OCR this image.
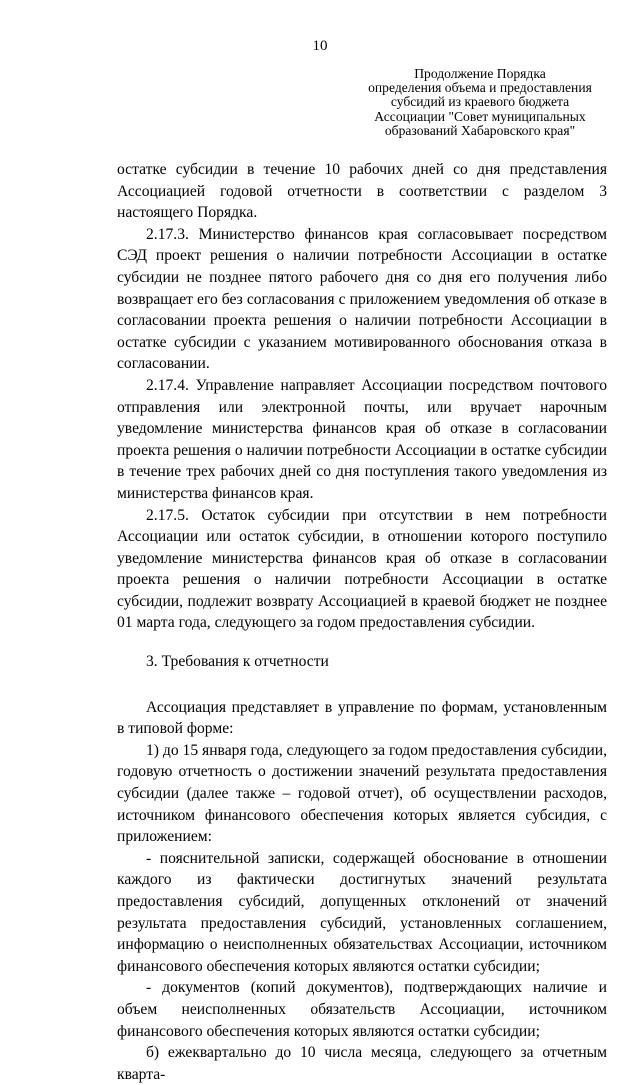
10
Продолжение Порядка
определения объема и предоставления
субсидий из краевого бюджета
Ассоциации "Совет муниципальных
образований Хабаровского края"

остатке субсидии в течение 10 рабочих дней со дня представления Ассоциацией годовой отчетности в соответствии с разделом 3 настоящего Порядка.

2.17.3. Министерство финансов края согласовывает посредством СЭД проект решения о наличии потребности Ассоциации в остатке субсидии не позднее пятого рабочего дня со дня его получения либо возвращает его без согласования с приложением уведомления об отказе в согласовании проекта решения о наличии потребности Ассоциации в остатке субсидии с указанием мотивированного обоснования отказа в согласовании.

2.17.4. Управление направляет Ассоциации посредством почтового отправления или электронной почты, или вручает нарочным уведомление министерства финансов края об отказе в согласовании проекта решения о наличии потребности Ассоциации в остатке субсидии в течение трех рабочих дней со дня поступления такого уведомления из министерства финансов края.

2.17.5. Остаток субсидии при отсутствии в нем потребности Ассоциации или остаток субсидии, в отношении которого поступило уведомление министерства финансов края об отказе в согласовании проекта решения о наличии потребности Ассоциации в остатке субсидии, подлежит возврату Ассоциацией в краевой бюджет не позднее 01 марта года, следующего за годом предоставления субсидии.

3. Требования к отчетности

Ассоциация представляет в управление по формам, установленным в типовой форме:

1) до 15 января года, следующего за годом предоставления субсидии, годовую отчетность о достижении значений результата предоставления субсидии (далее также – годовой отчет), об осуществлении расходов, источником финансового обеспечения которых является субсидия, с приложением:

- пояснительной записки, содержащей обоснование в отношении каждого из фактически достигнутых значений результата предоставления субсидий, допущенных отклонений от значений результата предоставления субсидий, установленных соглашением, информацию о неисполненных обязательствах Ассоциации, источником финансового обеспечения которых являются остатки субсидии;

- документов (копий документов), подтверждающих наличие и объем неисполненных обязательств Ассоциации, источником финансового обеспечения которых являются остатки субсидии;

б) ежеквартально до 10 числа месяца, следующего за отчетным кварта-
